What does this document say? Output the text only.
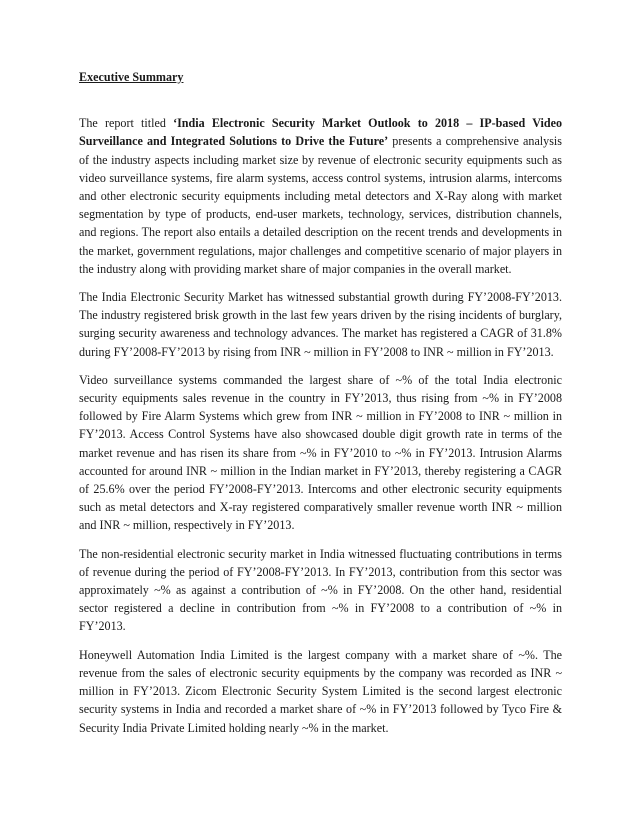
Executive Summary

The report titled ‘India Electronic Security Market Outlook to 2018 – IP-based Video Surveillance and Integrated Solutions to Drive the Future’ presents a comprehensive analysis of the industry aspects including market size by revenue of electronic security equipments such as video surveillance systems, fire alarm systems, access control systems, intrusion alarms, intercoms and other electronic security equipments including metal detectors and X-Ray along with market segmentation by type of products, end-user markets, technology, services, distribution channels, and regions. The report also entails a detailed description on the recent trends and developments in the market, government regulations, major challenges and competitive scenario of major players in the industry along with providing market share of major companies in the overall market.

The India Electronic Security Market has witnessed substantial growth during FY’2008-FY’2013. The industry registered brisk growth in the last few years driven by the rising incidents of burglary, surging security awareness and technology advances. The market has registered a CAGR of 31.8% during FY’2008-FY’2013 by rising from INR ~ million in FY’2008 to INR ~ million in FY’2013.

Video surveillance systems commanded the largest share of ~% of the total India electronic security equipments sales revenue in the country in FY’2013, thus rising from ~% in FY’2008 followed by Fire Alarm Systems which grew from INR ~ million in FY’2008 to INR ~ million in FY’2013. Access Control Systems have also showcased double digit growth rate in terms of the market revenue and has risen its share from ~% in FY’2010 to ~% in FY’2013. Intrusion Alarms accounted for around INR ~ million in the Indian market in FY’2013, thereby registering a CAGR of 25.6% over the period FY’2008-FY’2013. Intercoms and other electronic security equipments such as metal detectors and X-ray registered comparatively smaller revenue worth INR ~ million and INR ~ million, respectively in FY’2013.

The non-residential electronic security market in India witnessed fluctuating contributions in terms of revenue during the period of FY’2008-FY’2013. In FY’2013, contribution from this sector was approximately ~% as against a contribution of ~% in FY’2008. On the other hand, residential sector registered a decline in contribution from ~% in FY’2008 to a contribution of ~% in FY’2013.

Honeywell Automation India Limited is the largest company with a market share of ~%. The revenue from the sales of electronic security equipments by the company was recorded as INR ~ million in FY’2013. Zicom Electronic Security System Limited is the second largest electronic security systems in India and recorded a market share of ~% in FY’2013 followed by Tyco Fire & Security India Private Limited holding nearly ~% in the market.
